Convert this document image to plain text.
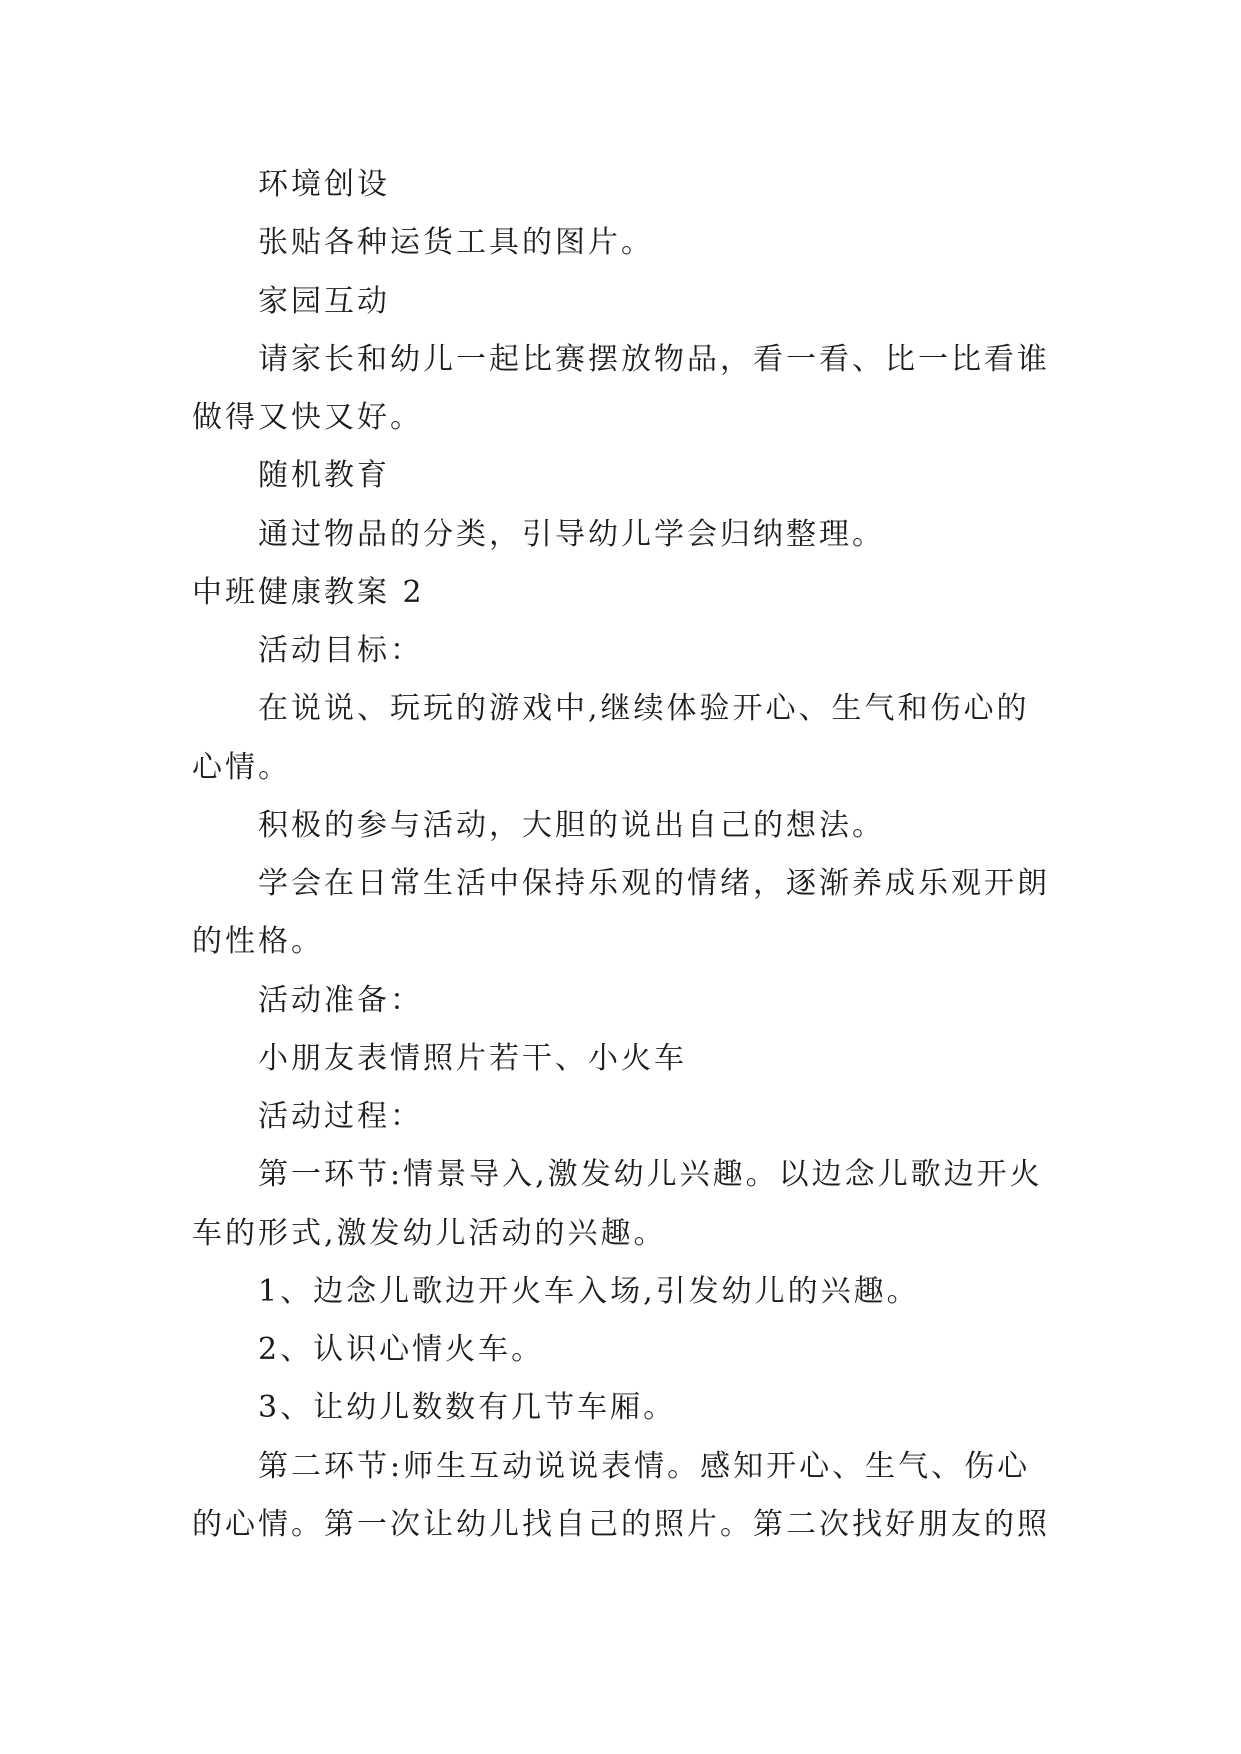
环境创设
张贴各种运货工具的图片。
家园互动
请家长和幼儿一起比赛摆放物品，看一看、比一比看谁
做得又快又好。
随机教育
通过物品的分类，引导幼儿学会归纳整理。
中班健康教案 2
活动目标：
在说说、玩玩的游戏中,继续体验开心、生气和伤心的
心情。
积极的参与活动，大胆的说出自己的想法。
学会在日常生活中保持乐观的情绪，逐渐养成乐观开朗
的性格。
活动准备：
小朋友表情照片若干、小火车
活动过程：
第一环节:情景导入,激发幼儿兴趣。以边念儿歌边开火
车的形式,激发幼儿活动的兴趣。
1、边念儿歌边开火车入场,引发幼儿的兴趣。
2、认识心情火车。
3、让幼儿数数有几节车厢。
第二环节:师生互动说说表情。感知开心、生气、伤心
的心情。第一次让幼儿找自己的照片。第二次找好朋友的照
